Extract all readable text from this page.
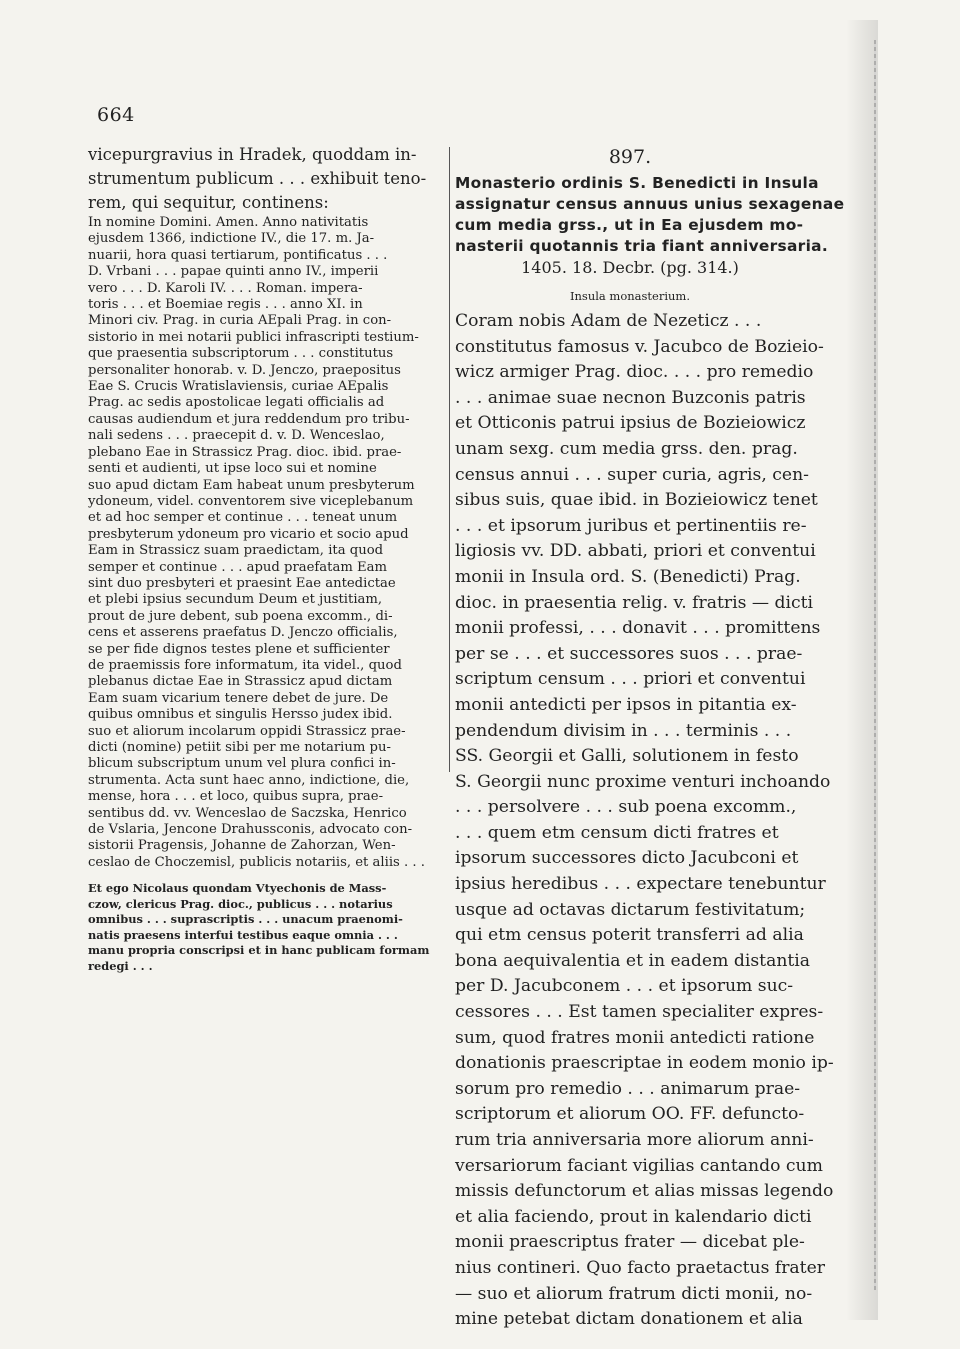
664
vicepurgravius in Hradek, quoddam in-
strumentum publicum . . . exhibuit teno-
rem, qui sequitur, continens:
In nomine Domini. Amen. Anno nativitatis
ejusdem 1366, indictione IV., die 17. m. Ja-
nuarii, hora quasi tertiarum, pontificatus . . .
D. Vrbani . . . papae quinti anno IV., imperii
vero . . . D. Karoli IV. . . . Roman. impera-
toris . . . et Boemiae regis . . . anno XI. in
Minori civ. Prag. in curia AEpali Prag. in con-
sistorio in mei notarii publici infrascripti testium-
que praesentia subscriptorum . . . constitutus
personaliter honorab. v. D. Jenczo, praepositus
Eae S. Crucis Wratislaviensis, curiae AEpalis
Prag. ac sedis apostolicae legati officialis ad
causas audiendum et jura reddendum pro tribu-
nali sedens . . . praecepit d. v. D. Wenceslao,
plebano Eae in Strassicz Prag. dioc. ibid. prae-
senti et audienti, ut ipse loco sui et nomine
suo apud dictam Eam habeat unum presbyterum
ydoneum, videl. conventorem sive viceplebanum
et ad hoc semper et continue . . . teneat unum
presbyterum ydoneum pro vicario et socio apud
Eam in Strassicz suam praedictam, ita quod
semper et continue . . . apud praefatam Eam
sint duo presbyteri et praesint Eae antedictae
et plebi ipsius secundum Deum et justitiam,
prout de jure debent, sub poena excomm., di-
cens et asserens praefatus D. Jenczo officialis,
se per fide dignos testes plene et sufficienter
de praemissis fore informatum, ita videl., quod
plebanus dictae Eae in Strassicz apud dictam
Eam suam vicarium tenere debet de jure. De
quibus omnibus et singulis Hersso judex ibid.
suo et aliorum incolarum oppidi Strassicz prae-
dicti (nomine) petiit sibi per me notarium pu-
blicum subscriptum unum vel plura confici in-
strumenta. Acta sunt haec anno, indictione, die,
mense, hora . . . et loco, quibus supra, prae-
sentibus dd. vv. Wenceslao de Saczska, Henrico
de Vslaria, Jencone Drahussconis, advocato con-
sistorii Pragensis, Johanne de Zahorzan, Wen-
ceslao de Choczemisl, publicis notariis, et aliis . . .
Et ego Nicolaus quondam Vtyechonis de Mass-
czow, clericus Prag. dioc., publicus . . . notarius
omnibus . . . suprascriptis . . . unacum praenomi-
natis praesens interfui testibus eaque omnia . . .
manu propria conscripsi et in hanc publicam formam
redegi . . .
897.
Monasterio ordinis S. Benedicti in Insula
assignatur census annuus unius sexagenae
cum media grss., ut in Ea ejusdem mo-
nasterii quotannis tria fiant anniversaria.
1405. 18. Decbr. (pg. 314.)
Insula monasterium.
Coram nobis Adam de Nezeticz . . .
constitutus famosus v. Jacubco de Bozieio-
wicz armiger Prag. dioc. . . . pro remedio
. . . animae suae necnon Buzconis patris
et Otticonis patrui ipsius de Bozieiowicz
unam sexg. cum media grss. den. prag.
census annui . . . super curia, agris, cen-
sibus suis, quae ibid. in Bozieiowicz tenet
. . . et ipsorum juribus et pertinentiis re-
ligiosis vv. DD. abbati, priori et conventui
monii in Insula ord. S. (Benedicti) Prag.
dioc. in praesentia relig. v. fratris — dicti
monii professi, . . . donavit . . . promittens
per se . . . et successores suos . . . prae-
scriptum censum . . . priori et conventui
monii antedicti per ipsos in pitantia ex-
pendendum divisim in . . . terminis . . .
SS. Georgii et Galli, solutionem in festo
S. Georgii nunc proxime venturi inchoando
. . . persolvere . . . sub poena excomm.,
. . . quem etm censum dicti fratres et
ipsorum successores dicto Jacubconi et
ipsius heredibus . . . expectare tenebuntur
usque ad octavas dictarum festivitatum;
qui etm census poterit transferri ad alia
bona aequivalentia et in eadem distantia
per D. Jacubconem . . . et ipsorum suc-
cessores . . . Est tamen specialiter expres-
sum, quod fratres monii antedicti ratione
donationis praescriptae in eodem monio ip-
sorum pro remedio . . . animarum prae-
scriptorum et aliorum OO. FF. defuncto-
rum tria anniversaria more aliorum anni-
versariorum faciant vigilias cantando cum
missis defunctorum et alias missas legendo
et alia faciendo, prout in kalendario dicti
monii praescriptus frater — dicebat ple-
nius contineri. Quo facto praetactus frater
— suo et aliorum fratrum dicti monii, no-
mine petebat dictam donationem et alia
